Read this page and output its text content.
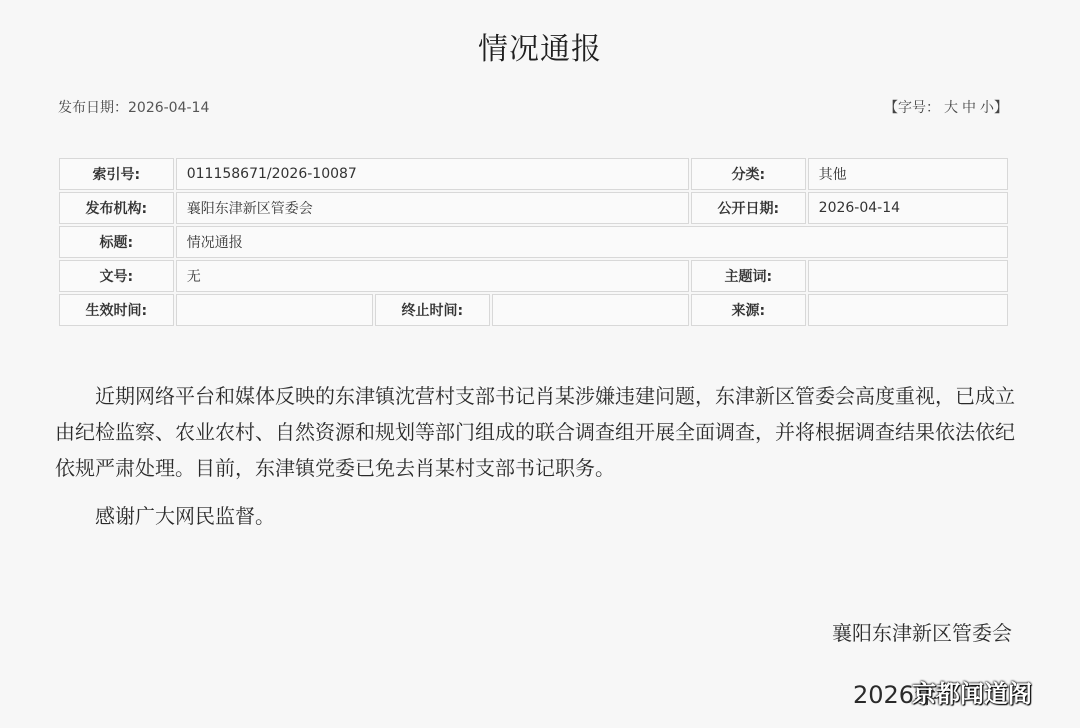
情况通报
发布日期：2026-04-14	【字号： 大 中 小】
索引号:	011158671/2026-10087			分类:	其他
发布机构:	襄阳东津新区管委会			公开日期:	2026-04-14
标题:	情况通报				
文号:	无			主题词:	
生效时间:		终止时间:		来源:	

近期网络平台和媒体反映的东津镇沈营村支部书记肖某涉嫌违建问题，东津新区管委会高度重视，已成立由纪检监察、农业农村、自然资源和规划等部门组成的联合调查组开展全面调查，并将根据调查结果依法依纪依规严肃处理。目前，东津镇党委已免去肖某村支部书记职务。

感谢广大网民监督。

襄阳东津新区管委会
2026年
京都闻道阁
